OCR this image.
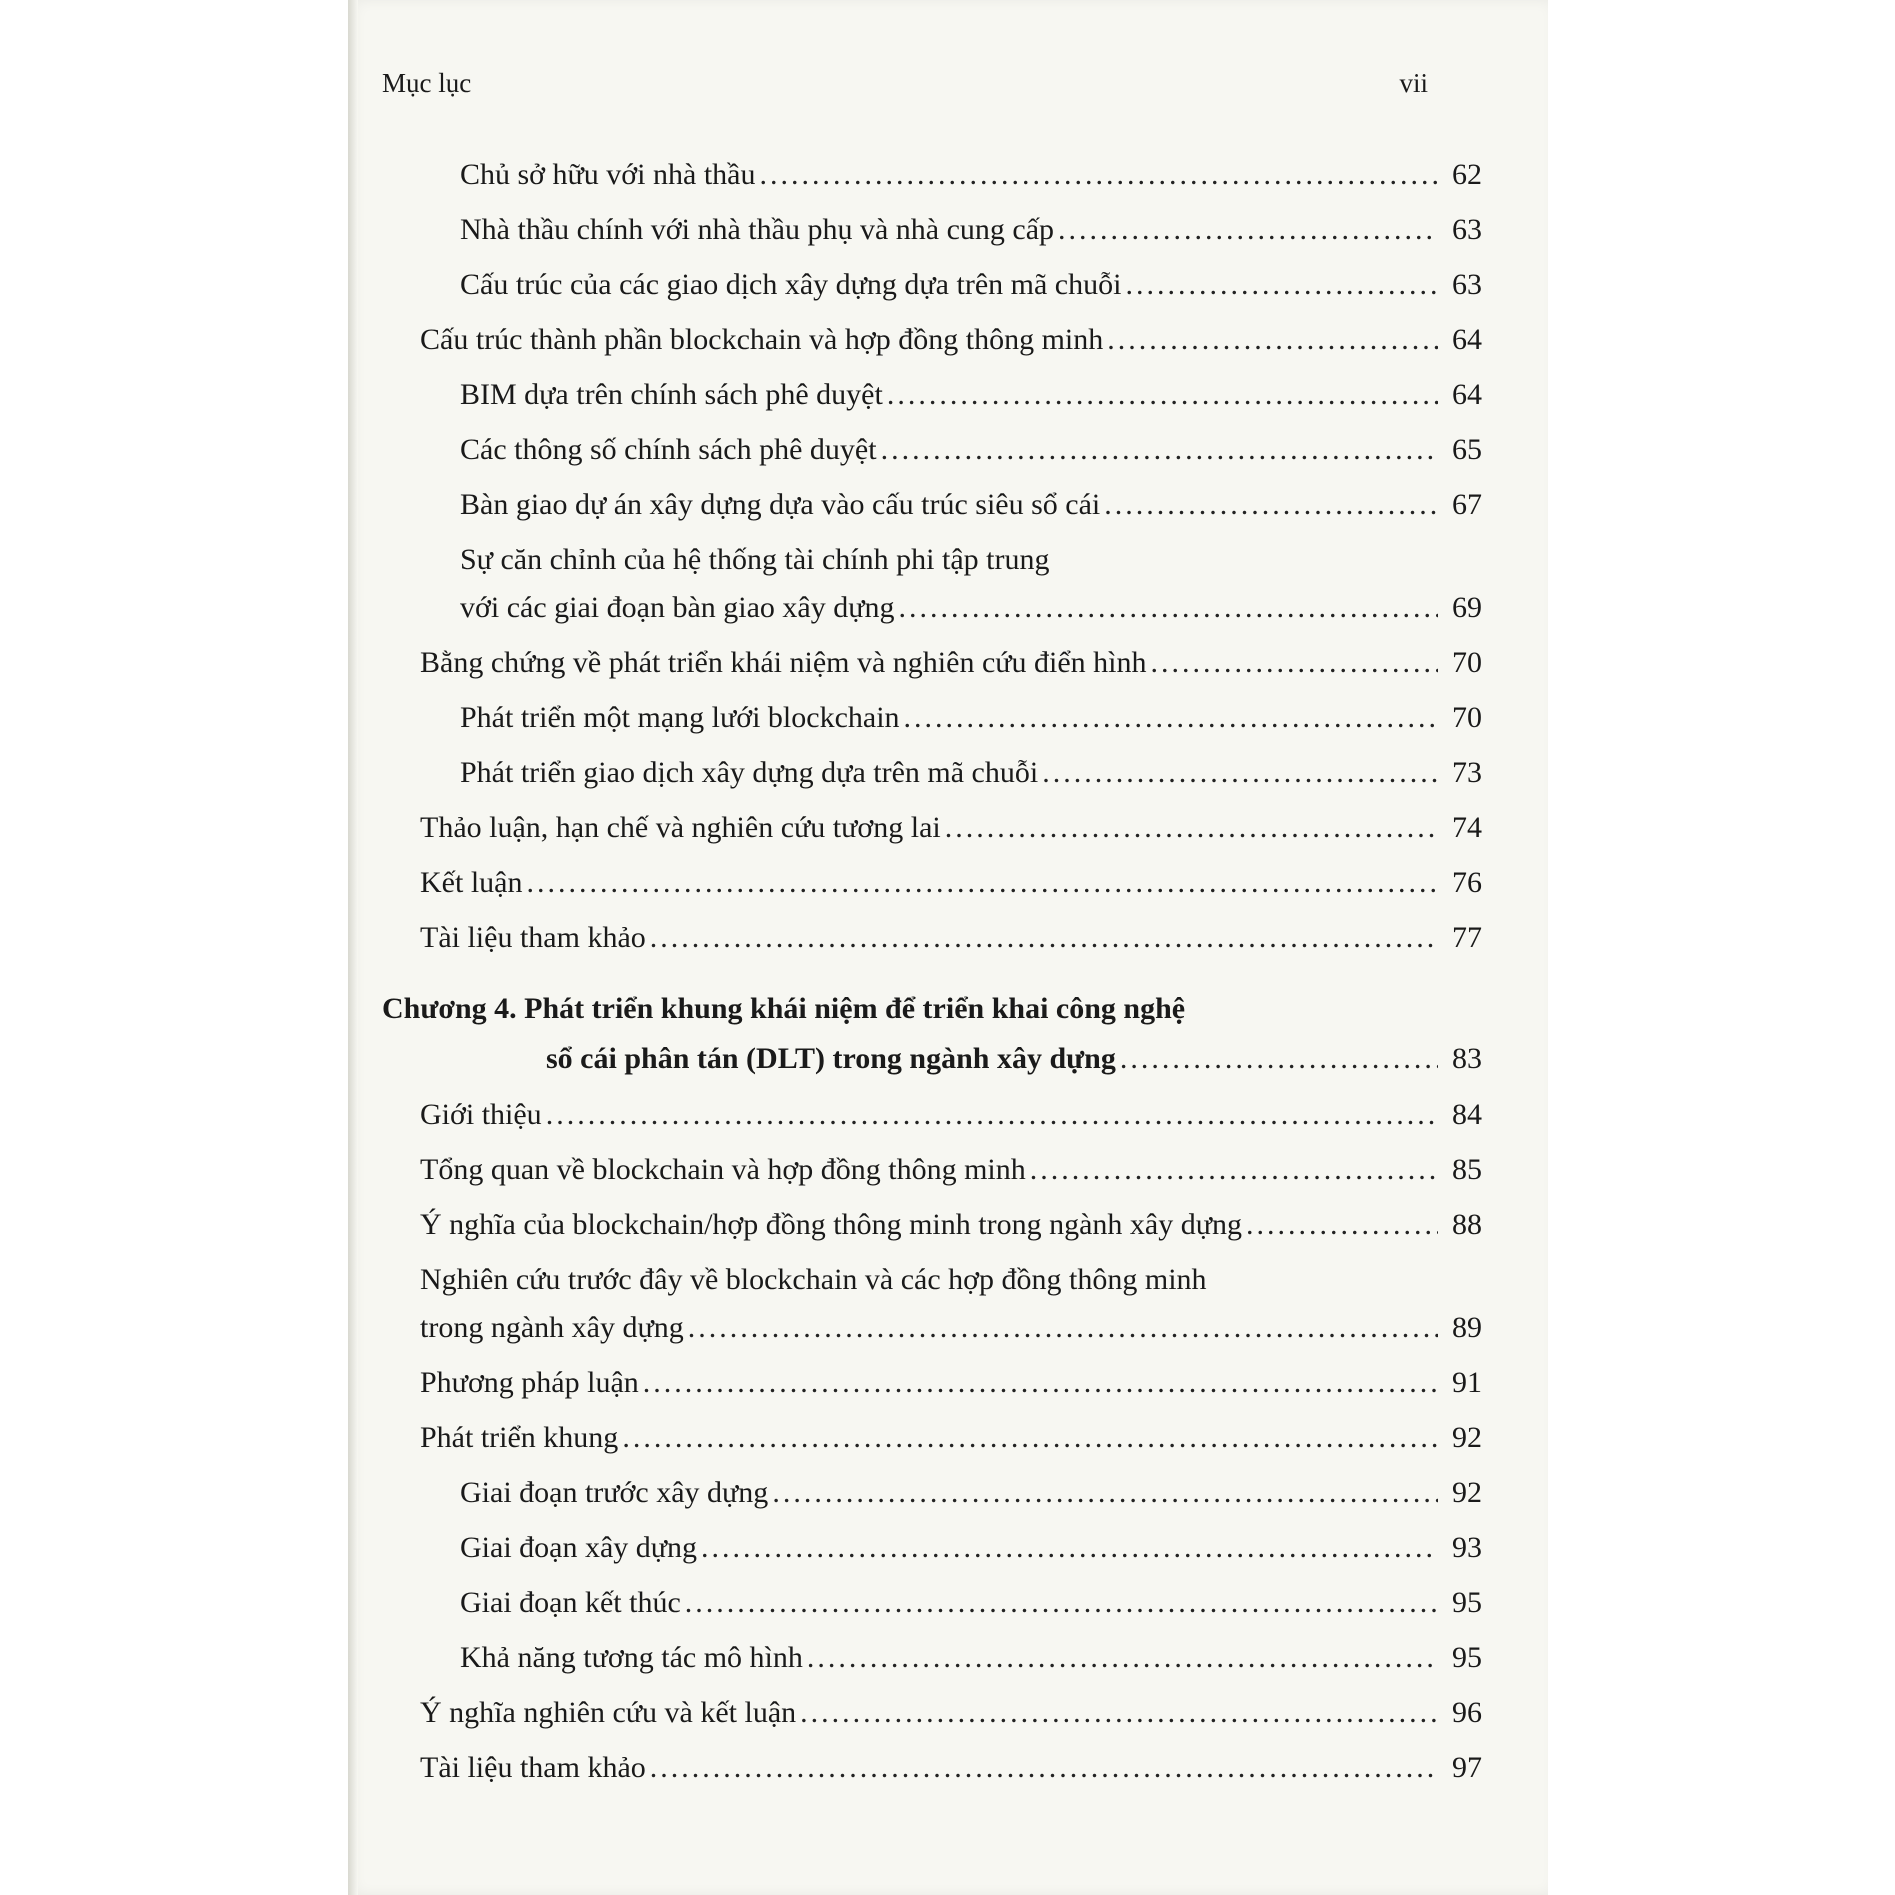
Mục lục	vii
Chủ sở hữu với nhà thầu .....	62
Nhà thầu chính với nhà thầu phụ và nhà cung cấp .....	63
Cấu trúc của các giao dịch xây dựng dựa trên mã chuỗi .....	63
Cấu trúc thành phần blockchain và hợp đồng thông minh .....	64
BIM dựa trên chính sách phê duyệt .....	64
Các thông số chính sách phê duyệt .....	65
Bàn giao dự án xây dựng dựa vào cấu trúc siêu sổ cái .....	67
Sự căn chỉnh của hệ thống tài chính phi tập trung
với các giai đoạn bàn giao xây dựng .....	69
Bằng chứng về phát triển khái niệm và nghiên cứu điển hình .....	70
Phát triển một mạng lưới blockchain .....	70
Phát triển giao dịch xây dựng dựa trên mã chuỗi .....	73
Thảo luận, hạn chế và nghiên cứu tương lai .....	74
Kết luận .....	76
Tài liệu tham khảo .....	77
Chương 4. Phát triển khung khái niệm để triển khai công nghệ
sổ cái phân tán (DLT) trong ngành xây dựng .....	83
Giới thiệu .....	84
Tổng quan về blockchain và hợp đồng thông minh .....	85
Ý nghĩa của blockchain/hợp đồng thông minh trong ngành xây dựng .....	88
Nghiên cứu trước đây về blockchain và các hợp đồng thông minh
trong ngành xây dựng .....	89
Phương pháp luận .....	91
Phát triển khung .....	92
Giai đoạn trước xây dựng .....	92
Giai đoạn xây dựng .....	93
Giai đoạn kết thúc .....	95
Khả năng tương tác mô hình .....	95
Ý nghĩa nghiên cứu và kết luận .....	96
Tài liệu tham khảo .....	97
